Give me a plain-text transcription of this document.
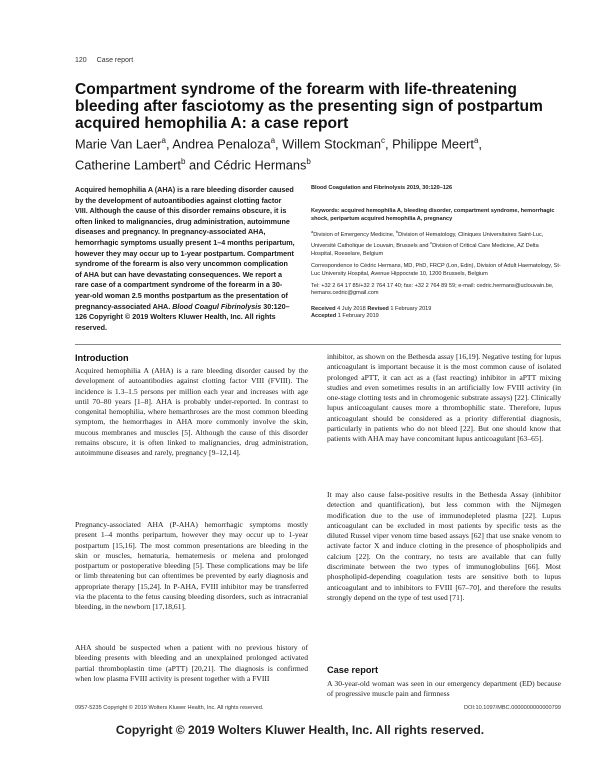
120 Case report
Compartment syndrome of the forearm with life-threatening bleeding after fasciotomy as the presenting sign of postpartum acquired hemophilia A: a case report
Marie Van Laer$^a$, Andrea Penaloza$^a$, Willem Stockman$^c$, Philippe Meert$^a$,
Catherine Lambert$^b$ and Cédric Hermans$^b$
Acquired hemophilia A (AHA) is a rare bleeding disorder caused by the development of autoantibodies against clotting factor VIII. Although the cause of this disorder remains obscure, it is often linked to malignancies, drug administration, autoimmune diseases and pregnancy. In pregnancy-associated AHA, hemorrhagic symptoms usually present 1–4 months peripartum, however they may occur up to 1-year postpartum. Compartment syndrome of the forearm is also very uncommon complication of AHA but can have devastating consequences. We report a rare case of a compartment syndrome of the forearm in a 30-year-old woman 2.5 months postpartum as the presentation of pregnancy-associated AHA. Blood Coagul Fibrinolysis 30:120–126 Copyright © 2019 Wolters Kluwer Health, Inc. All rights reserved.

Blood Coagulation and Fibrinolysis 2019, 30:120–126

Keywords: acquired hemophilia A, bleeding disorder, compartment syndrome, hemorrhagic shock, peripartum acquired hemophilia A, pregnancy

$^a$Division of Emergency Medicine, $^b$Division of Hematology, Cliniques Universitaires Saint-Luc, Université Catholique de Louvain, Brussels and $^c$Division of Critical Care Medicine, AZ Delta Hospital, Roeselare, Belgium

Correspondence to Cédric Hermans, MD, PhD, FRCP (Lon, Edin), Division of Adult Haematology, St-Luc University Hospital, Avenue Hippocrate 10, 1200 Brussels, Belgium

Tel: +32 2 64 17 85/+32 2 764 17 40; fax: +32 2 764 89 59; e-mail: cedric.hermans@uclouvain.be, hemans.cedric@gmail.com

Received 4 July 2018 Revised 1 February 2019
Accepted 1 February 2019

Introduction

Acquired hemophilia A (AHA) is a rare bleeding disorder caused by the development of autoantibodies against clotting factor VIII (FVIII). The incidence is 1.3–1.5 persons per million each year and increases with age until 70–80 years [1–8]. AHA is probably under-reported. In contrast to congenital hemophilia, where hemarthroses are the most common bleeding symptom, the hemorrhages in AHA more commonly involve the skin, mucous membranes and muscles [5]. Although the cause of this disorder remains obscure, it is often linked to malignancies, drug administration, autoimmune diseases and rarely, pregnancy [9–12,14].

Pregnancy-associated AHA (P-AHA) hemorrhagic symptoms mostly present 1–4 months peripartum, however they may occur up to 1-year postpartum [15,16]. The most common presentations are bleeding in the skin or muscles, hematuria, hematemesis or melena and prolonged postpartum or postoperative bleeding [5]. These complications may be life or limb threatening but can oftentimes be prevented by early diagnosis and appropriate therapy [15,24]. In P-AHA, FVIII inhibitor may be transferred via the placenta to the fetus causing bleeding disorders, such as intracranial bleeding, in the newborn [17,18,61].

AHA should be suspected when a patient with no previous history of bleeding presents with bleeding and an unexplained prolonged activated partial thromboplastin time (aPTT) [20,21]. The diagnosis is confirmed when low plasma FVIII activity is present together with a FVIII

inhibitor, as shown on the Bethesda assay [16,19]. Negative testing for lupus anticoagulant is important because it is the most common cause of isolated prolonged aPTT, it can act as a (fast reacting) inhibitor in aPTT mixing studies and even sometimes results in an artificially low FVIII activity (in one-stage clotting tests and in chromogenic substrate assays) [22]. Clinically lupus anticoagulant causes more a thrombophilic state. Therefore, lupus anticoagulant should be considered as a priority differential diagnosis, particularly in patients who do not bleed [22]. But one should know that patients with AHA may have concomitant lupus anticoagulant [63–65].

It may also cause false-positive results in the Bethesda Assay (inhibitor detection and quantification), but less common with the Nijmegen modification due to the use of immunodepleted plasma [22]. Lupus anticoagulant can be excluded in most patients by specific tests as the diluted Russel viper venom time based assays [62] that use snake venom to activate factor X and induce clotting in the presence of phospholipids and calcium [22]. On the contrary, no tests are available that can fully discriminate between the two types of immunoglobulins [66]. Most phospholipid-depending coagulation tests are sensitive both to lupus anticoagulant and to inhibitors to FVIII [67–70], and therefore the results strongly depend on the type of test used [71].

Case report

A 30-year-old woman was seen in our emergency department (ED) because of progressive muscle pain and firmness

0957-5235 Copyright © 2019 Wolters Kluwer Health, Inc. All rights reserved.	DOI:10.1097/MBC.0000000000000799
Copyright © 2019 Wolters Kluwer Health, Inc. All rights reserved.
